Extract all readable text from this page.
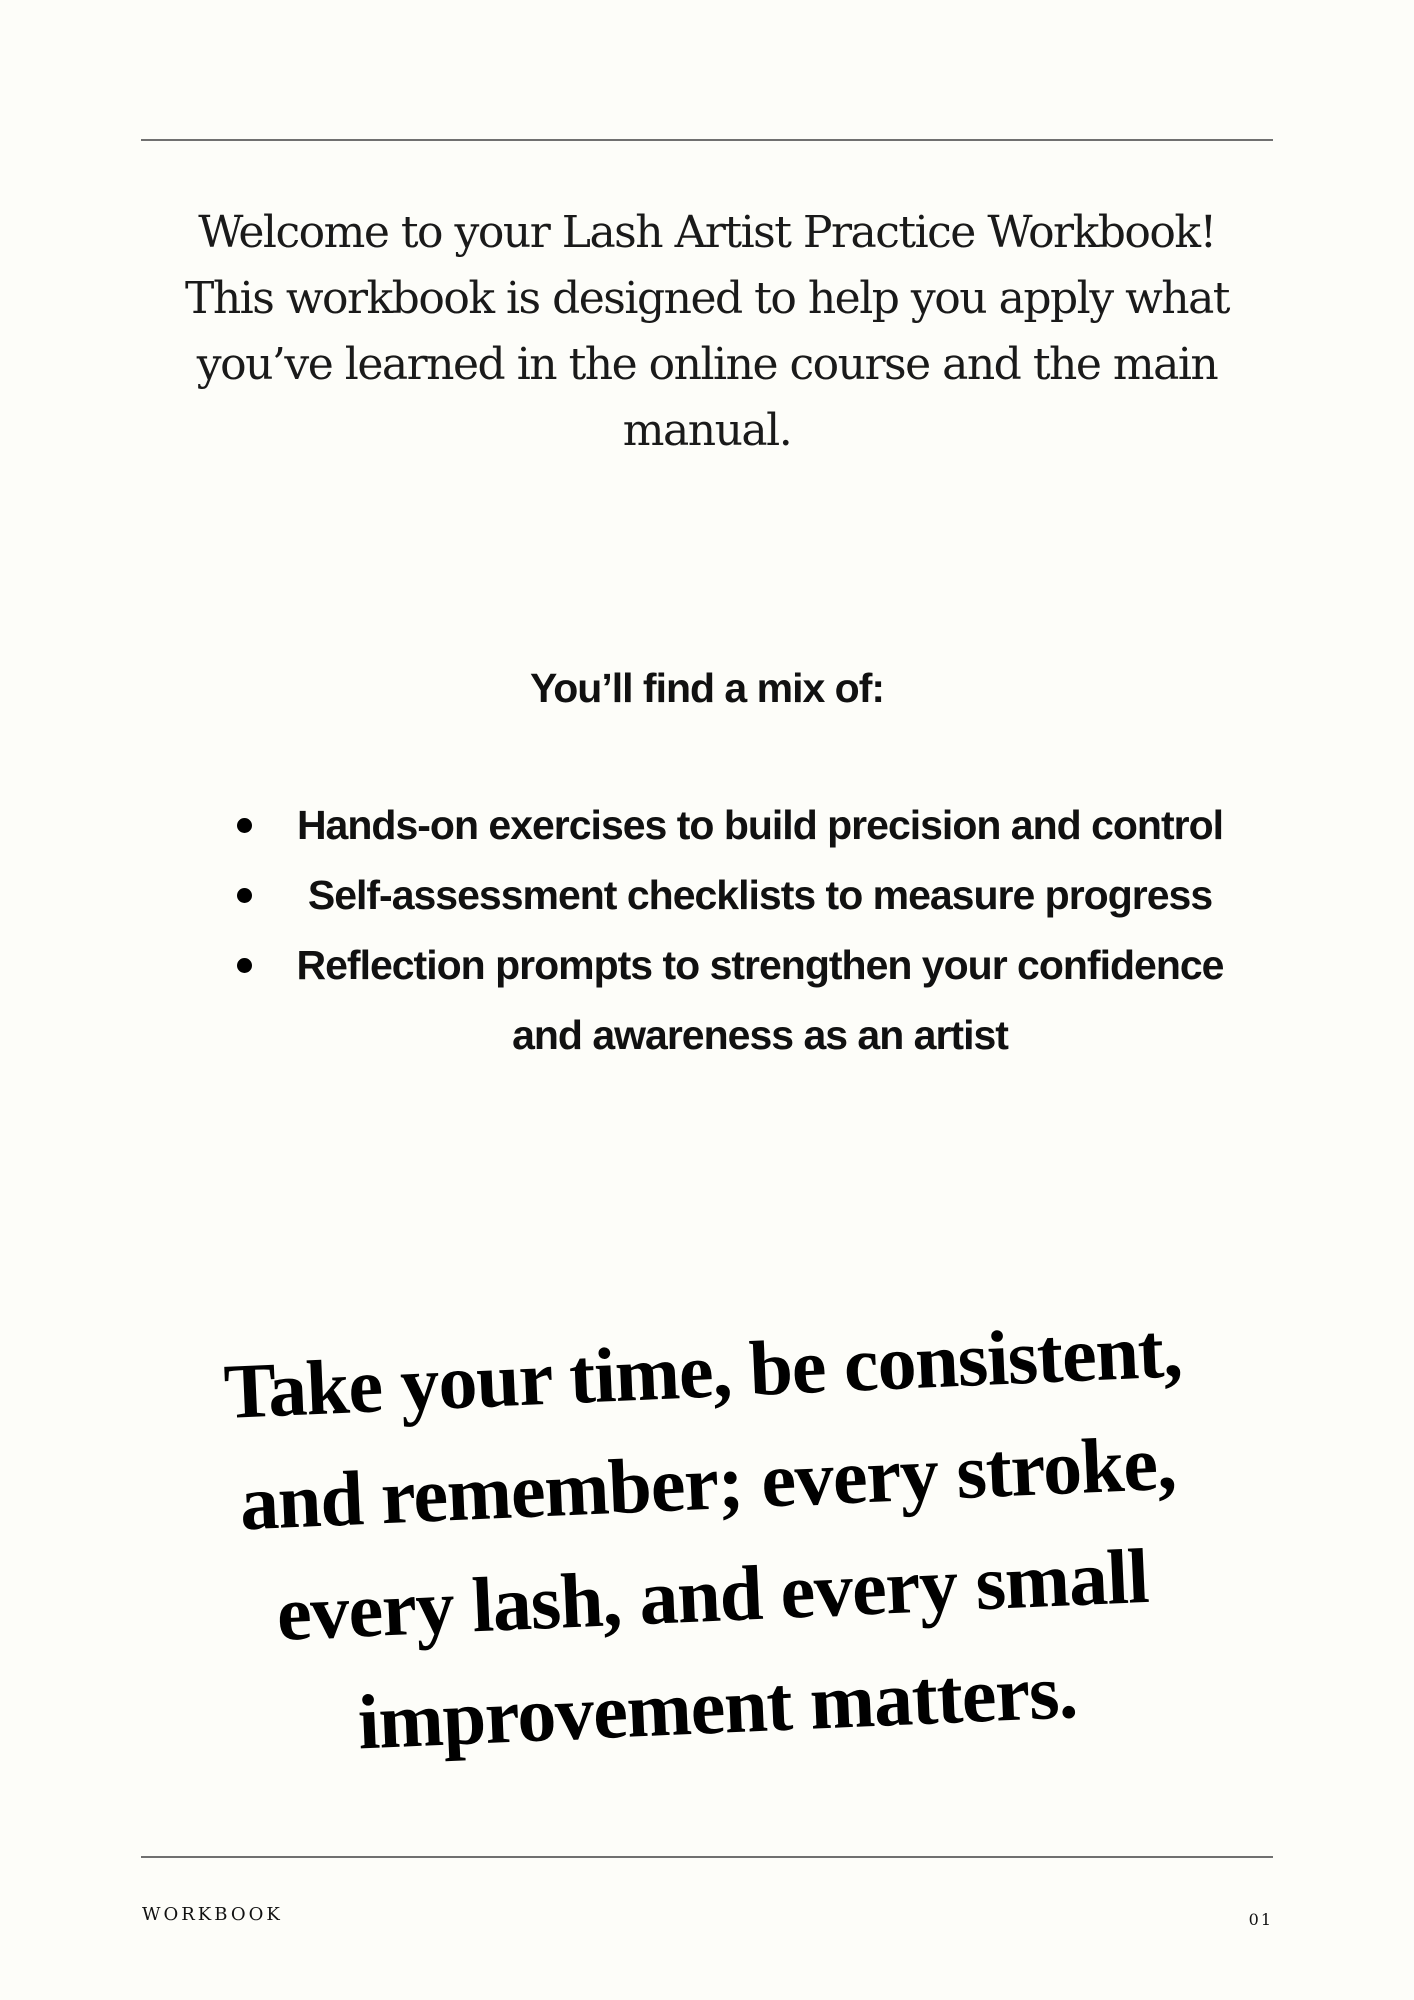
Welcome to your Lash Artist Practice Workbook!

This workbook is designed to help you apply what you’ve learned in the online course and the main manual.

You’ll find a mix of:
Hands-on exercises to build precision and control
Self-assessment checklists to measure progress
Reflection prompts to strengthen your confidence and awareness as an artist

Take your time, be consistent, and remember; every stroke, every lash, and every small improvement matters.

WORKBOOK	01
